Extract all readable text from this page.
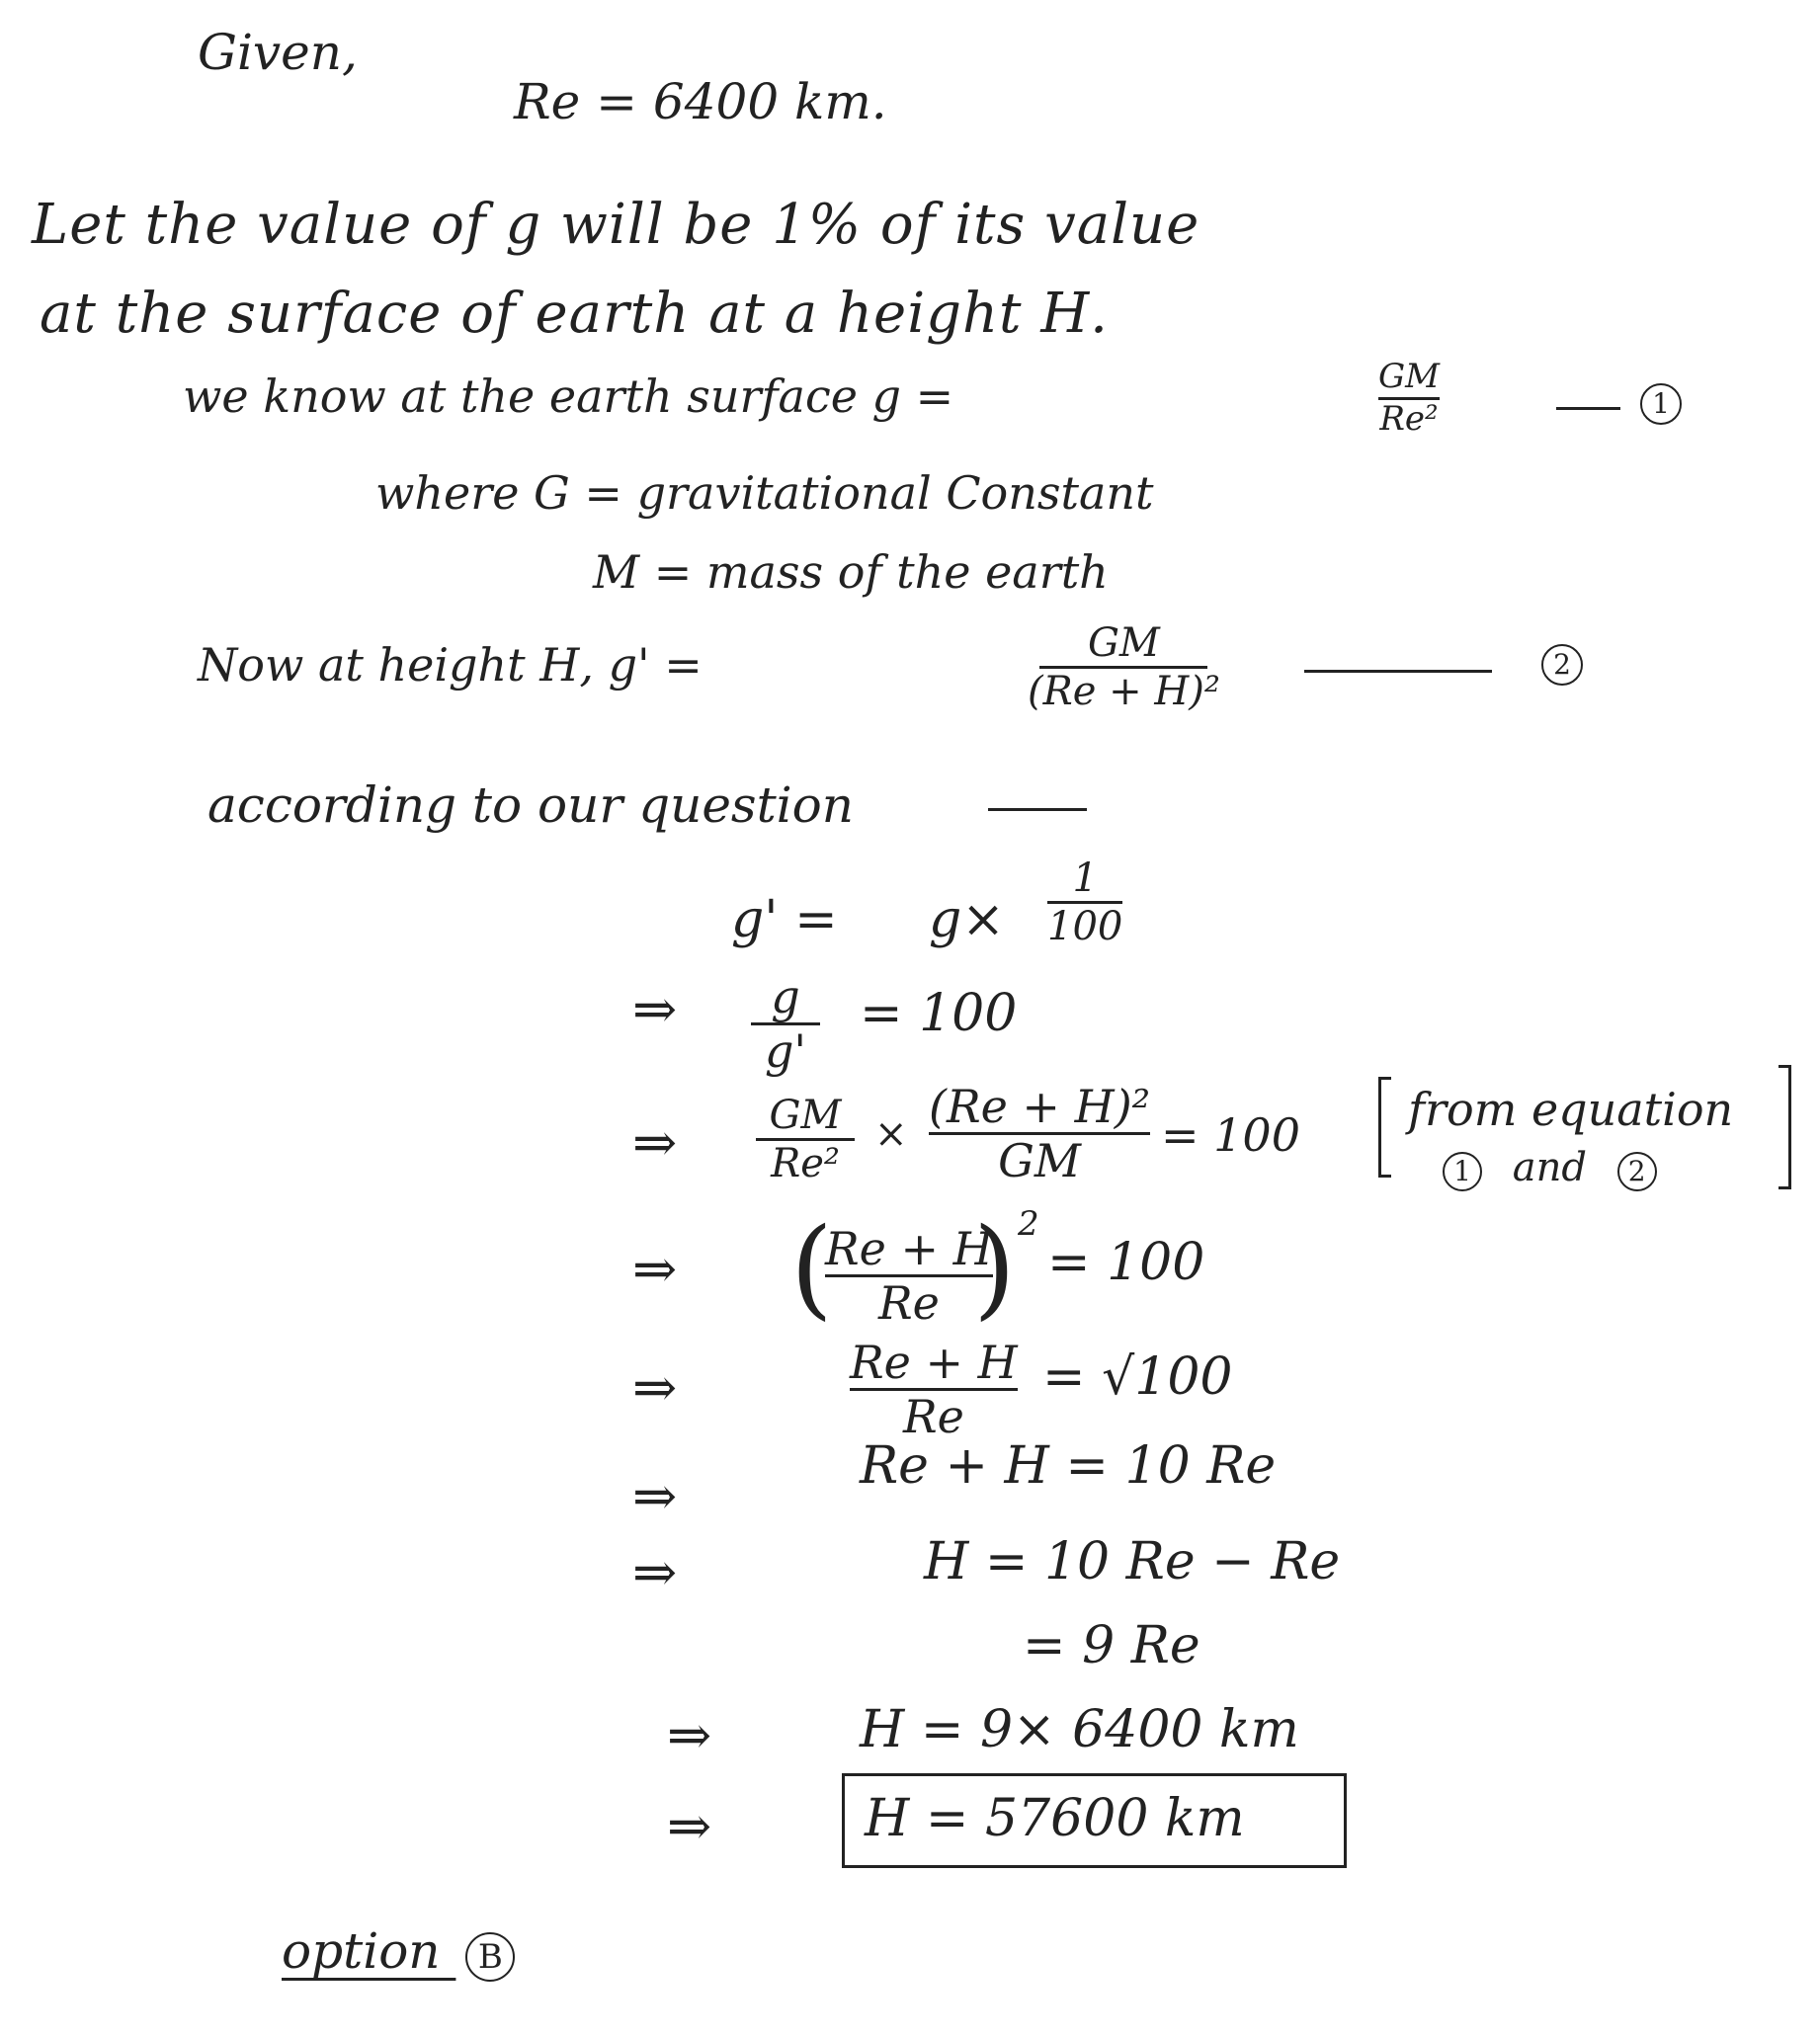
Given,
Re = 6400 km.
Let the value of g will be 1% of its value
at the surface of earth at a height H.
we know at the earth surface g =	GM
Re²	1
where G = gravitational Constant
M = mass of the earth
Now at height H, g' =	GM
(Re + H)²
2
according to our question
g' = g×
1
100
⇒ g
g'
= 100
⇒ GM
Re²
×
(Re + H)²
GM = 100 from equation
1 and 2
⇒ (
Re + H
Re ) 2
= 100
⇒	Re + H
Re
= √100
⇒	Re + H = 10 Re
⇒	H = 10 Re − Re
= 9 Re
⇒	H = 9× 6400 km
⇒	H = 57600 km
option B
